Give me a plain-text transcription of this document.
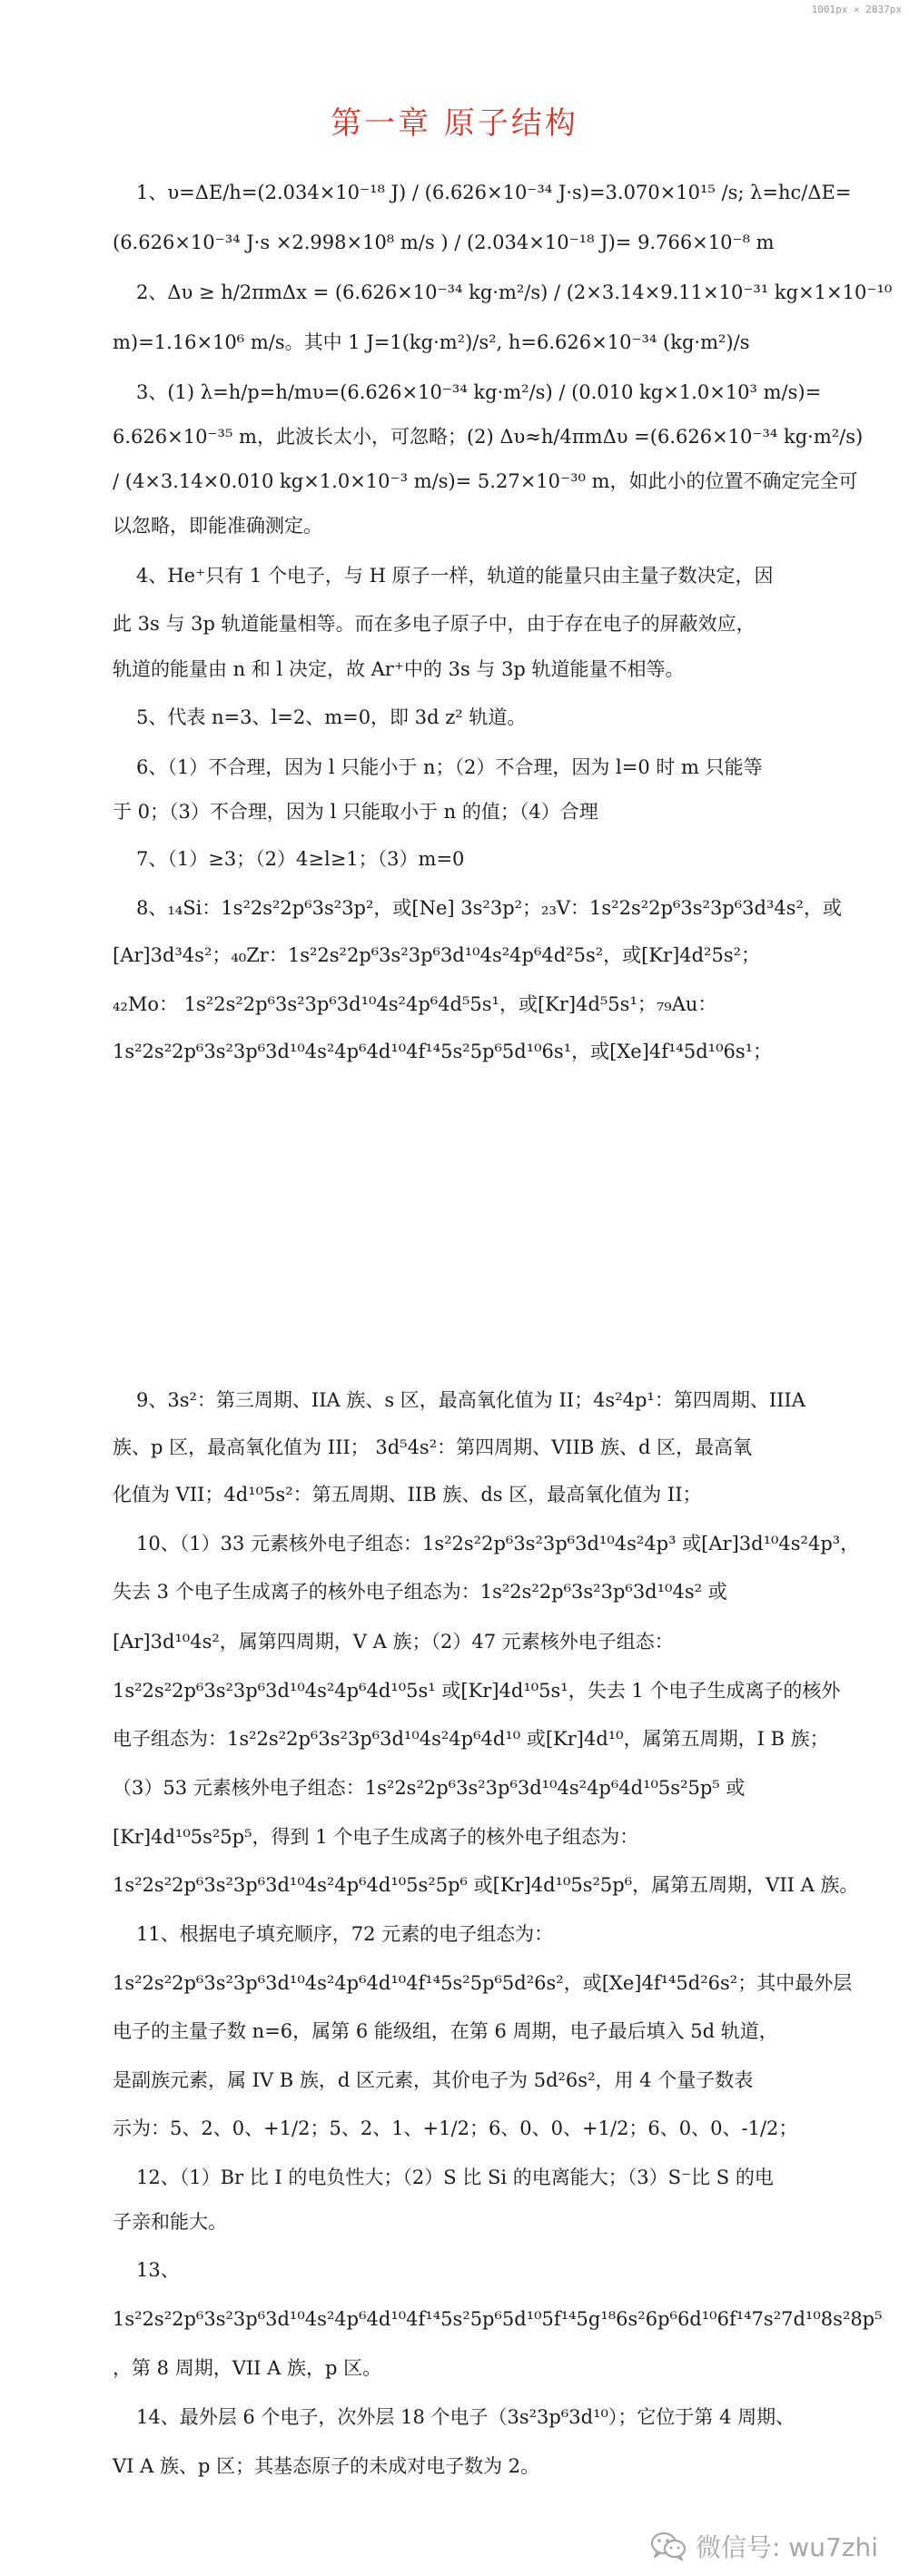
1001px × 2837px
第一章 原子结构
1、υ=ΔE/h=(2.034×10⁻¹⁸ J) / (6.626×10⁻³⁴ J·s)=3.070×10¹⁵ /s; λ=hc/ΔE=
(6.626×10⁻³⁴ J·s ×2.998×10⁸ m/s ) / (2.034×10⁻¹⁸ J)= 9.766×10⁻⁸ m
2、Δυ ≥ h/2πmΔx = (6.626×10⁻³⁴ kg·m²/s) / (2×3.14×9.11×10⁻³¹ kg×1×10⁻¹⁰
m)=1.16×10⁶ m/s。其中 1 J=1(kg·m²)/s², h=6.626×10⁻³⁴ (kg·m²)/s
3、(1) λ=h/p=h/mυ=(6.626×10⁻³⁴ kg·m²/s) / (0.010 kg×1.0×10³ m/s)=
6.626×10⁻³⁵ m，此波长太小，可忽略；(2) Δυ≈h/4πmΔυ =(6.626×10⁻³⁴ kg·m²/s)
/ (4×3.14×0.010 kg×1.0×10⁻³ m/s)= 5.27×10⁻³⁰ m，如此小的位置不确定完全可
以忽略，即能准确测定。
4、He⁺只有 1 个电子，与 H 原子一样，轨道的能量只由主量子数决定，因
此 3s 与 3p 轨道能量相等。而在多电子原子中，由于存在电子的屏蔽效应，
轨道的能量由 n 和 l 决定，故 Ar⁺中的 3s 与 3p 轨道能量不相等。
5、代表 n=3、l=2、m=0，即 3d z² 轨道。
6、（1）不合理，因为 l 只能小于 n；（2）不合理，因为 l=0 时 m 只能等
于 0；（3）不合理，因为 l 只能取小于 n 的值；（4）合理
7、（1）≥3；（2）4≥l≥1；（3）m=0
8、₁₄Si：1s²2s²2p⁶3s²3p²，或[Ne] 3s²3p²；₂₃V：1s²2s²2p⁶3s²3p⁶3d³4s²，或
[Ar]3d³4s²；₄₀Zr：1s²2s²2p⁶3s²3p⁶3d¹⁰4s²4p⁶4d²5s²，或[Kr]4d²5s²；
₄₂Mo： 1s²2s²2p⁶3s²3p⁶3d¹⁰4s²4p⁶4d⁵5s¹，或[Kr]4d⁵5s¹；₇₉Au：
1s²2s²2p⁶3s²3p⁶3d¹⁰4s²4p⁶4d¹⁰4f¹⁴5s²5p⁶5d¹⁰6s¹，或[Xe]4f¹⁴5d¹⁰6s¹；
9、3s²：第三周期、IIA 族、s 区，最高氧化值为 II；4s²4p¹：第四周期、IIIA
族、p 区，最高氧化值为 III； 3d⁵4s²：第四周期、VIIB 族、d 区，最高氧
化值为 VII；4d¹⁰5s²：第五周期、IIB 族、ds 区，最高氧化值为 II；
10、（1）33 元素核外电子组态：1s²2s²2p⁶3s²3p⁶3d¹⁰4s²4p³ 或[Ar]3d¹⁰4s²4p³，
失去 3 个电子生成离子的核外电子组态为：1s²2s²2p⁶3s²3p⁶3d¹⁰4s² 或
[Ar]3d¹⁰4s²，属第四周期，V A 族；（2）47 元素核外电子组态：
1s²2s²2p⁶3s²3p⁶3d¹⁰4s²4p⁶4d¹⁰5s¹ 或[Kr]4d¹⁰5s¹，失去 1 个电子生成离子的核外
电子组态为：1s²2s²2p⁶3s²3p⁶3d¹⁰4s²4p⁶4d¹⁰ 或[Kr]4d¹⁰，属第五周期，I B 族；
（3）53 元素核外电子组态：1s²2s²2p⁶3s²3p⁶3d¹⁰4s²4p⁶4d¹⁰5s²5p⁵ 或
[Kr]4d¹⁰5s²5p⁵，得到 1 个电子生成离子的核外电子组态为：
1s²2s²2p⁶3s²3p⁶3d¹⁰4s²4p⁶4d¹⁰5s²5p⁶ 或[Kr]4d¹⁰5s²5p⁶，属第五周期，VII A 族。
11、根据电子填充顺序，72 元素的电子组态为：
1s²2s²2p⁶3s²3p⁶3d¹⁰4s²4p⁶4d¹⁰4f¹⁴5s²5p⁶5d²6s²，或[Xe]4f¹⁴5d²6s²；其中最外层
电子的主量子数 n=6，属第 6 能级组，在第 6 周期，电子最后填入 5d 轨道，
是副族元素，属 IV B 族，d 区元素，其价电子为 5d²6s²，用 4 个量子数表
示为：5、2、0、+1/2；5、2、1、+1/2；6、0、0、+1/2；6、0、0、-1/2；
12、（1）Br 比 I 的电负性大；（2）S 比 Si 的电离能大；（3）S⁻比 S 的电
子亲和能大。
13、
1s²2s²2p⁶3s²3p⁶3d¹⁰4s²4p⁶4d¹⁰4f¹⁴5s²5p⁶5d¹⁰5f¹⁴5g¹⁸6s²6p⁶6d¹⁰6f¹⁴7s²7d¹⁰8s²8p⁵
，第 8 周期，VII A 族，p 区。
14、最外层 6 个电子，次外层 18 个电子（3s²3p⁶3d¹⁰）；它位于第 4 周期、
VI A 族、p 区；其基态原子的未成对电子数为 2。
微信号: wu7zhi
